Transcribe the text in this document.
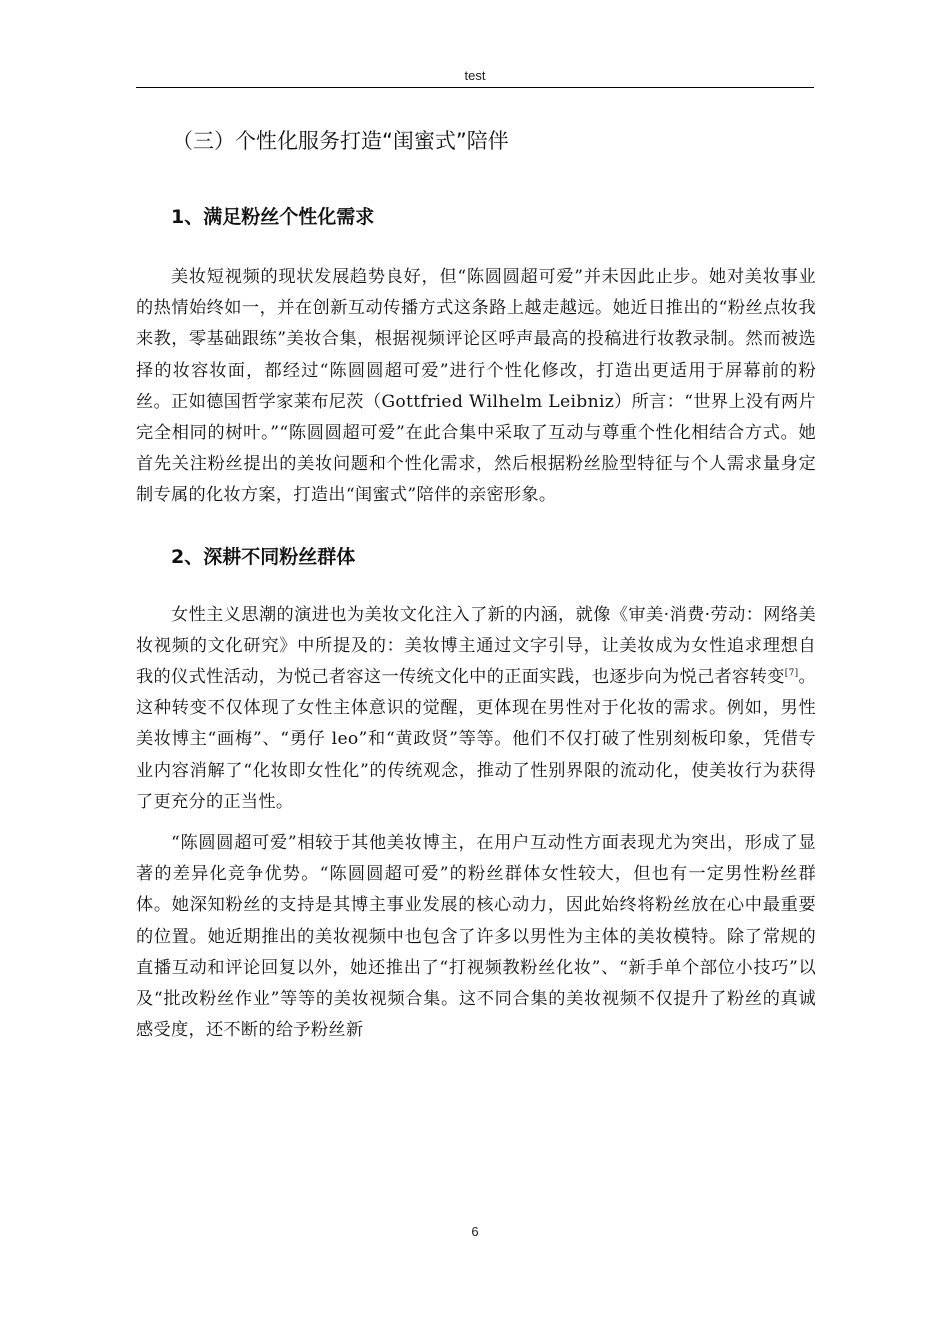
test
（三）个性化服务打造“闺蜜式”陪伴
1、满足粉丝个性化需求

美妆短视频的现状发展趋势良好，但“陈圆圆超可爱”并未因此止步。她对美妆事业的热情始终如一，并在创新互动传播方式这条路上越走越远。她近日推出的“粉丝点妆我来教，零基础跟练”美妆合集，根据视频评论区呼声最高的投稿进行妆教录制。然而被选择的妆容妆面，都经过“陈圆圆超可爱”进行个性化修改，打造出更适用于屏幕前的粉丝。正如德国哲学家莱布尼茨（Gottfried Wilhelm Leibniz）所言：“世界上没有两片完全相同的树叶。”“陈圆圆超可爱”在此合集中采取了互动与尊重个性化相结合方式。她首先关注粉丝提出的美妆问题和个性化需求，然后根据粉丝脸型特征与个人需求量身定制专属的化妆方案，打造出“闺蜜式”陪伴的亲密形象。

2、深耕不同粉丝群体

女性主义思潮的演进也为美妆文化注入了新的内涵，就像《审美·消费·劳动：网络美妆视频的文化研究》中所提及的：美妆博主通过文字引导，让美妆成为女性追求理想自我的仪式性活动，为悦己者容这一传统文化中的正面实践，也逐步向为悦己者容转变[7]。这种转变不仅体现了女性主体意识的觉醒，更体现在男性对于化妆的需求。例如，男性美妆博主“画梅”、“勇仔 leo”和“黄政贤”等等。他们不仅打破了性别刻板印象，凭借专业内容消解了“化妆即女性化”的传统观念，推动了性别界限的流动化，使美妆行为获得了更充分的正当性。

“陈圆圆超可爱”相较于其他美妆博主，在用户互动性方面表现尤为突出，形成了显著的差异化竞争优势。“陈圆圆超可爱”的粉丝群体女性较大，但也有一定男性粉丝群体。她深知粉丝的支持是其博主事业发展的核心动力，因此始终将粉丝放在心中最重要的位置。她近期推出的美妆视频中也包含了许多以男性为主体的美妆模特。除了常规的直播互动和评论回复以外，她还推出了“打视频教粉丝化妆”、“新手单个部位小技巧”以及“批改粉丝作业”等等的美妆视频合集。这不同合集的美妆视频不仅提升了粉丝的真诚感受度，还不断的给予粉丝新

6
